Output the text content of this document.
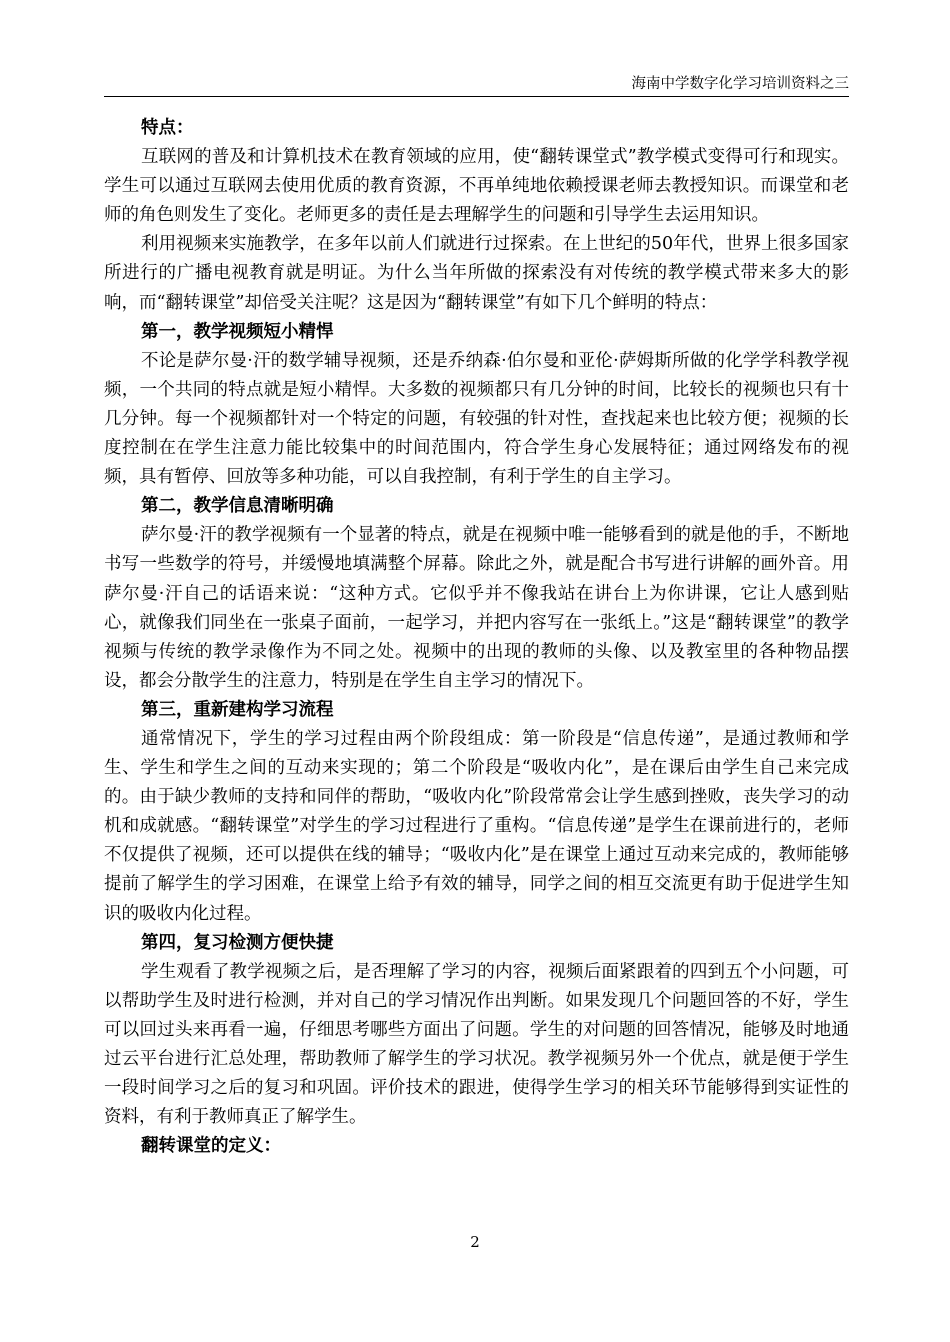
海南中学数字化学习培训资料之三
特点：

互联网的普及和计算机技术在教育领域的应用，使“翻转课堂式”教学模式变得可行和现实。学生可以通过互联网去使用优质的教育资源，不再单纯地依赖授课老师去教授知识。而课堂和老师的角色则发生了变化。老师更多的责任是去理解学生的问题和引导学生去运用知识。

利用视频来实施教学，在多年以前人们就进行过探索。在上世纪的50年代，世界上很多国家所进行的广播电视教育就是明证。为什么当年所做的探索没有对传统的教学模式带来多大的影响，而“翻转课堂”却倍受关注呢？这是因为“翻转课堂”有如下几个鲜明的特点：

第一，教学视频短小精悍

不论是萨尔曼·汗的数学辅导视频，还是乔纳森·伯尔曼和亚伦·萨姆斯所做的化学学科教学视频，一个共同的特点就是短小精悍。大多数的视频都只有几分钟的时间，比较长的视频也只有十几分钟。每一个视频都针对一个特定的问题，有较强的针对性，查找起来也比较方便；视频的长度控制在在学生注意力能比较集中的时间范围内，符合学生身心发展特征；通过网络发布的视频，具有暂停、回放等多种功能，可以自我控制，有利于学生的自主学习。

第二，教学信息清晰明确

萨尔曼·汗的教学视频有一个显著的特点，就是在视频中唯一能够看到的就是他的手，不断地书写一些数学的符号，并缓慢地填满整个屏幕。除此之外，就是配合书写进行讲解的画外音。用萨尔曼·汗自己的话语来说：“这种方式。它似乎并不像我站在讲台上为你讲课，它让人感到贴心，就像我们同坐在一张桌子面前，一起学习，并把内容写在一张纸上。”这是“翻转课堂”的教学视频与传统的教学录像作为不同之处。视频中的出现的教师的头像、以及教室里的各种物品摆设，都会分散学生的注意力，特别是在学生自主学习的情况下。

第三，重新建构学习流程

通常情况下，学生的学习过程由两个阶段组成：第一阶段是“信息传递”，是通过教师和学生、学生和学生之间的互动来实现的；第二个阶段是“吸收内化”，是在课后由学生自己来完成的。由于缺少教师的支持和同伴的帮助，“吸收内化”阶段常常会让学生感到挫败，丧失学习的动机和成就感。“翻转课堂”对学生的学习过程进行了重构。“信息传递”是学生在课前进行的，老师不仅提供了视频，还可以提供在线的辅导；“吸收内化”是在课堂上通过互动来完成的，教师能够提前了解学生的学习困难，在课堂上给予有效的辅导，同学之间的相互交流更有助于促进学生知识的吸收内化过程。

第四，复习检测方便快捷

学生观看了教学视频之后，是否理解了学习的内容，视频后面紧跟着的四到五个小问题，可以帮助学生及时进行检测，并对自己的学习情况作出判断。如果发现几个问题回答的不好，学生可以回过头来再看一遍，仔细思考哪些方面出了问题。学生的对问题的回答情况，能够及时地通过云平台进行汇总处理，帮助教师了解学生的学习状况。教学视频另外一个优点，就是便于学生一段时间学习之后的复习和巩固。评价技术的跟进，使得学生学习的相关环节能够得到实证性的资料，有利于教师真正了解学生。

翻转课堂的定义：
2
